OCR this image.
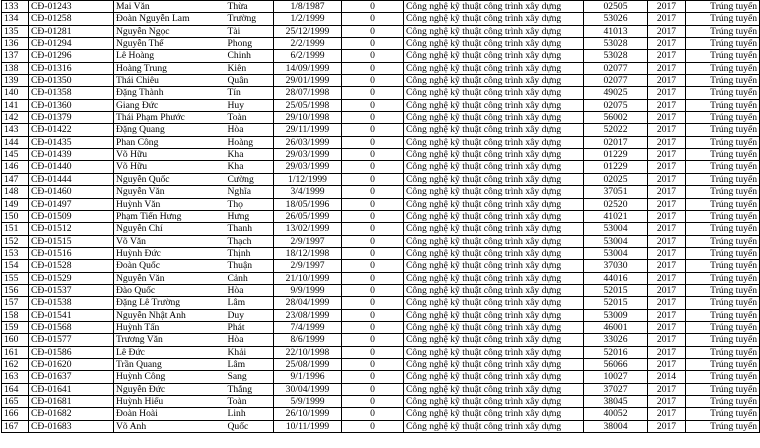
133	CĐ-01243	Mai Văn	Thừa	1/8/1987	0	Công nghệ kỹ thuật công trình xây dựng	02505	2017	Trúng tuyển
134	CĐ-01258	Đoàn Nguyễn Lam	Trường	1/2/1999	0	Công nghệ kỹ thuật công trình xây dựng	53026	2017	Trúng tuyển
135	CĐ-01281	Nguyễn Ngọc	Tài	25/12/1999	0	Công nghệ kỹ thuật công trình xây dựng	41013	2017	Trúng tuyển
136	CĐ-01294	Nguyễn Thế	Phong	2/2/1999	0	Công nghệ kỹ thuật công trình xây dựng	53028	2017	Trúng tuyển
137	CĐ-01296	Lê Hoàng	Chinh	6/2/1999	0	Công nghệ kỹ thuật công trình xây dựng	53028	2017	Trúng tuyển
138	CĐ-01316	Hoàng Trung	Kiên	14/09/1999	0	Công nghệ kỹ thuật công trình xây dựng	02077	2017	Trúng tuyển
139	CĐ-01350	Thái Chiêu	Quân	29/01/1999	0	Công nghệ kỹ thuật công trình xây dựng	02077	2017	Trúng tuyển
140	CĐ-01358	Đặng Thành	Tín	28/07/1998	0	Công nghệ kỹ thuật công trình xây dựng	49025	2017	Trúng tuyển
141	CĐ-01360	Giang Đức	Huy	25/05/1998	0	Công nghệ kỹ thuật công trình xây dựng	02075	2017	Trúng tuyển
142	CĐ-01379	Thái Phạm Phước	Toàn	29/10/1998	0	Công nghệ kỹ thuật công trình xây dựng	56002	2017	Trúng tuyển
143	CĐ-01422	Đặng Quang	Hòa	29/11/1999	0	Công nghệ kỹ thuật công trình xây dựng	52022	2017	Trúng tuyển
144	CĐ-01435	Phan Công	Hoàng	26/03/1999	0	Công nghệ kỹ thuật công trình xây dựng	02017	2017	Trúng tuyển
145	CĐ-01439	Võ Hữu	Kha	29/03/1999	0	Công nghệ kỹ thuật công trình xây dựng	01229	2017	Trúng tuyển
146	CĐ-01440	Võ Hữu	Kha	29/03/1999	0	Công nghệ kỹ thuật công trình xây dựng	01229	2017	Trúng tuyển
147	CĐ-01444	Nguyễn Quốc	Cường	1/12/1999	0	Công nghệ kỹ thuật công trình xây dựng	02025	2017	Trúng tuyển
148	CĐ-01460	Nguyễn Văn	Nghĩa	3/4/1999	0	Công nghệ kỹ thuật công trình xây dựng	37051	2017	Trúng tuyển
149	CĐ-01497	Huỳnh Văn	Thọ	18/05/1996	0	Công nghệ kỹ thuật công trình xây dựng	02520	2017	Trúng tuyển
150	CĐ-01509	Phạm Tiến Hưng	Hưng	26/05/1999	0	Công nghệ kỹ thuật công trình xây dựng	41021	2017	Trúng tuyển
151	CĐ-01512	Nguyễn Chí	Thanh	13/02/1999	0	Công nghệ kỹ thuật công trình xây dựng	53004	2017	Trúng tuyển
152	CĐ-01515	Võ Văn	Thạch	2/9/1997	0	Công nghệ kỹ thuật công trình xây dựng	53004	2017	Trúng tuyển
153	CĐ-01516	Huỳnh Đức	Thịnh	18/12/1998	0	Công nghệ kỹ thuật công trình xây dựng	53004	2017	Trúng tuyển
154	CĐ-01528	Đoàn Quốc	Thuận	2/9/1997	0	Công nghệ kỹ thuật công trình xây dựng	37030	2017	Trúng tuyển
155	CĐ-01529	Nguyễn Văn	Cảnh	21/10/1999	0	Công nghệ kỹ thuật công trình xây dựng	44016	2017	Trúng tuyển
156	CĐ-01537	Đào Quốc	Hòa	9/9/1999	0	Công nghệ kỹ thuật công trình xây dựng	52015	2017	Trúng tuyển
157	CĐ-01538	Đặng Lê Trường	Lâm	28/04/1999	0	Công nghệ kỹ thuật công trình xây dựng	52015	2017	Trúng tuyển
158	CĐ-01541	Nguyễn Nhật Anh	Duy	23/08/1999	0	Công nghệ kỹ thuật công trình xây dựng	53009	2017	Trúng tuyển
159	CĐ-01568	Huỳnh Tấn	Phát	7/4/1999	0	Công nghệ kỹ thuật công trình xây dựng	46001	2017	Trúng tuyển
160	CĐ-01577	Trương Văn	Hòa	8/6/1999	0	Công nghệ kỹ thuật công trình xây dựng	33026	2017	Trúng tuyển
161	CĐ-01586	Lê Đức	Khải	22/10/1998	0	Công nghệ kỹ thuật công trình xây dựng	52016	2017	Trúng tuyển
162	CĐ-01620	Trần Quang	Lâm	25/08/1999	0	Công nghệ kỹ thuật công trình xây dựng	56066	2017	Trúng tuyển
163	CĐ-01637	Huỳnh Công	Sang	9/1/1996	0	Công nghệ kỹ thuật công trình xây dựng	10027	2014	Trúng tuyển
164	CĐ-01641	Nguyễn Đức	Thắng	30/04/1999	0	Công nghệ kỹ thuật công trình xây dựng	37027	2017	Trúng tuyển
165	CĐ-01681	Huỳnh Hiếu	Toàn	5/9/1999	0	Công nghệ kỹ thuật công trình xây dựng	38045	2017	Trúng tuyển
166	CĐ-01682	Đoàn Hoài	Linh	26/10/1999	0	Công nghệ kỹ thuật công trình xây dựng	40052	2017	Trúng tuyển
167	CĐ-01683	Võ Anh	Quốc	10/11/1999	0	Công nghệ kỹ thuật công trình xây dựng	38004	2017	Trúng tuyển
